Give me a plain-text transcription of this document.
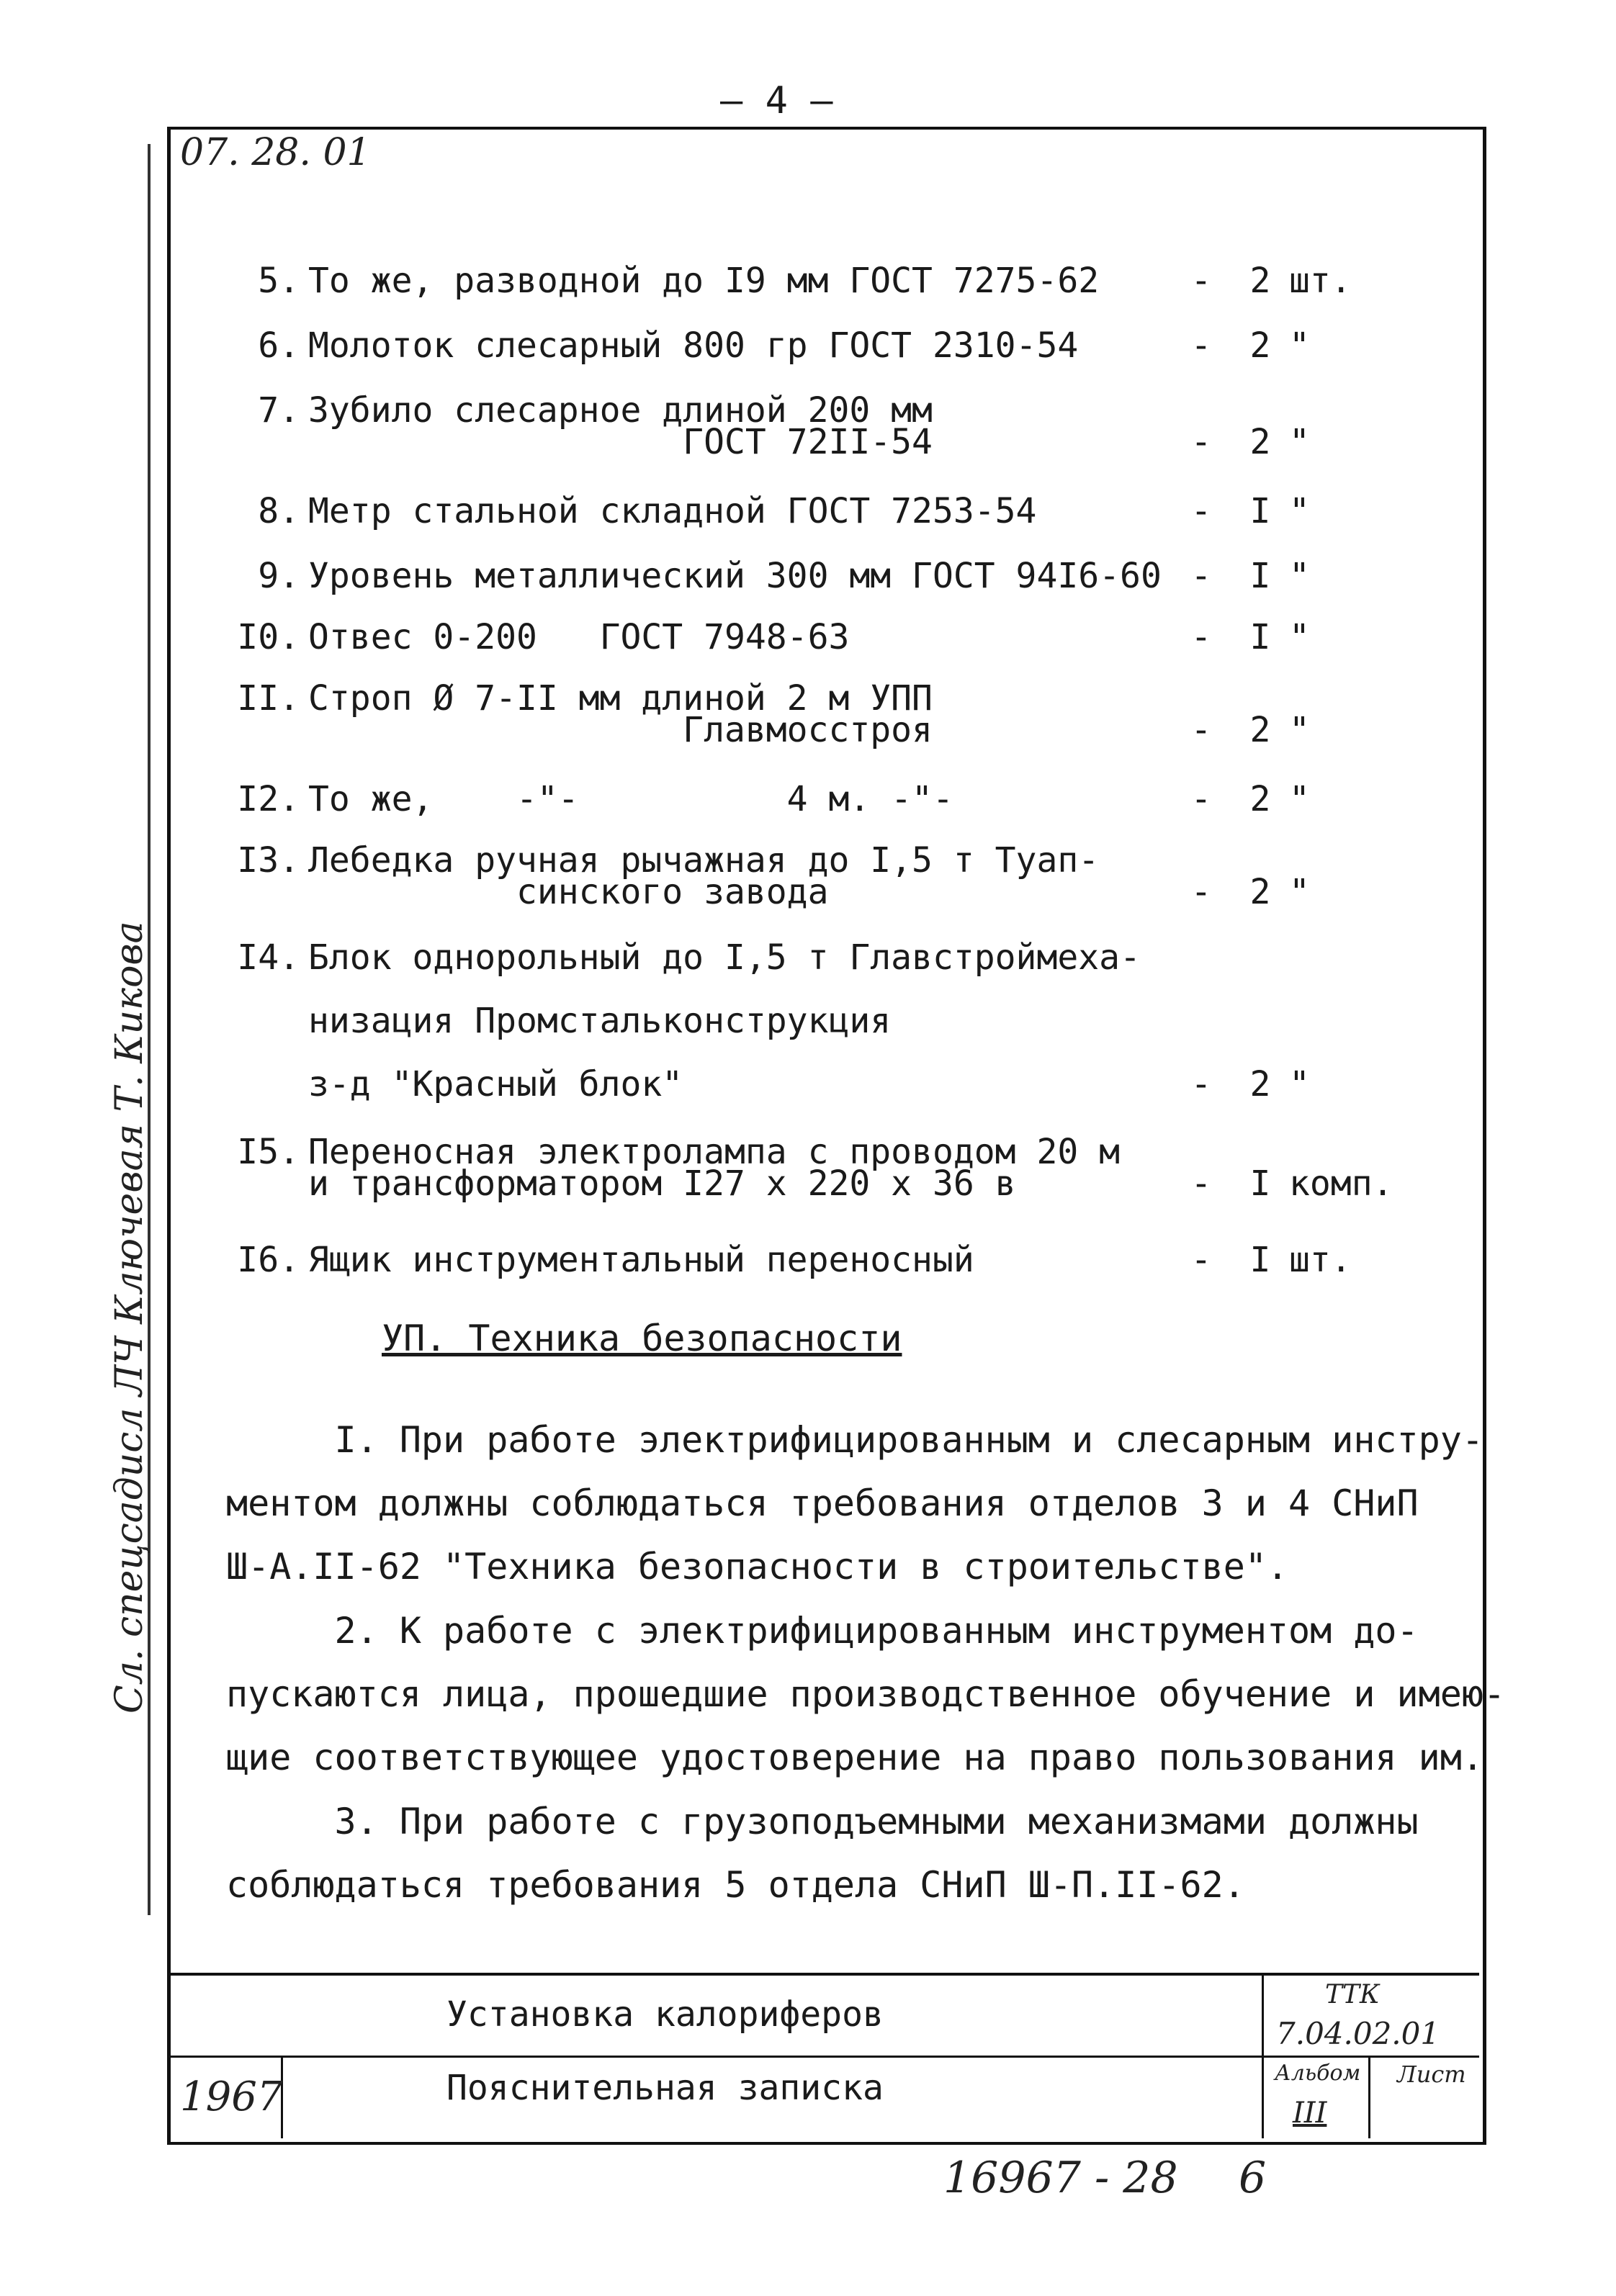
— 4 —
07. 28. 01
Сл. спецсадисл ЛЧ Ключевая Т. Кикова
5. То же, разводной до I9 мм ГОСТ 7275-62	-	2 шт.
6. Молоток слесарный 800 гр ГОСТ 2310-54	-	2 "
7. Зубило слесарное длиной 200 мм
ГОСТ 72II-54	-	2 "
8. Метр стальной складной ГОСТ 7253-54	-	I "
9. Уровень металлический 300 мм ГОСТ 94I6-60 -	I "
I0. Отвес 0-200   ГОСТ 7948-63	-	I "
II. Строп Ø 7-II мм длиной 2 м УПП
Главмосстроя	-	2 "
I2. То же,    -"-          4 м. -"-	-	2 "
I3. Лебедка ручная рычажная до I,5 т Туап-
синского завода	-	2 "
I4. Блок однорольный до I,5 т Главстроймеха-
низация Промстальконструкция
з-д "Красный блок"	-	2 "
I5. Переносная электролампа с проводом 20 м
и трансформатором I27 х 220 х 36 в	-	I комп.
I6. Ящик инструментальный переносный	-	I шт.
УП. Техника безопасности
I. При работе электрифицированным и слесарным инстру-
ментом должны соблюдаться требования отделов 3 и 4 СНиП
Ш-А.II-62 "Техника безопасности в строительстве".
2. К работе с электрифицированным инструментом до-
пускаются лица, прошедшие производственное обучение и имею-
щие соответствующее удостоверение на право пользования им.
3. При работе с грузоподъемными механизмами должны
соблюдаться требования 5 отдела СНиП Ш-П.II-62.
Установка калориферов
Пояснительная записка
1967
ТТК
7.04.02.01
Альбом
III
Лист
16967 - 28 6
